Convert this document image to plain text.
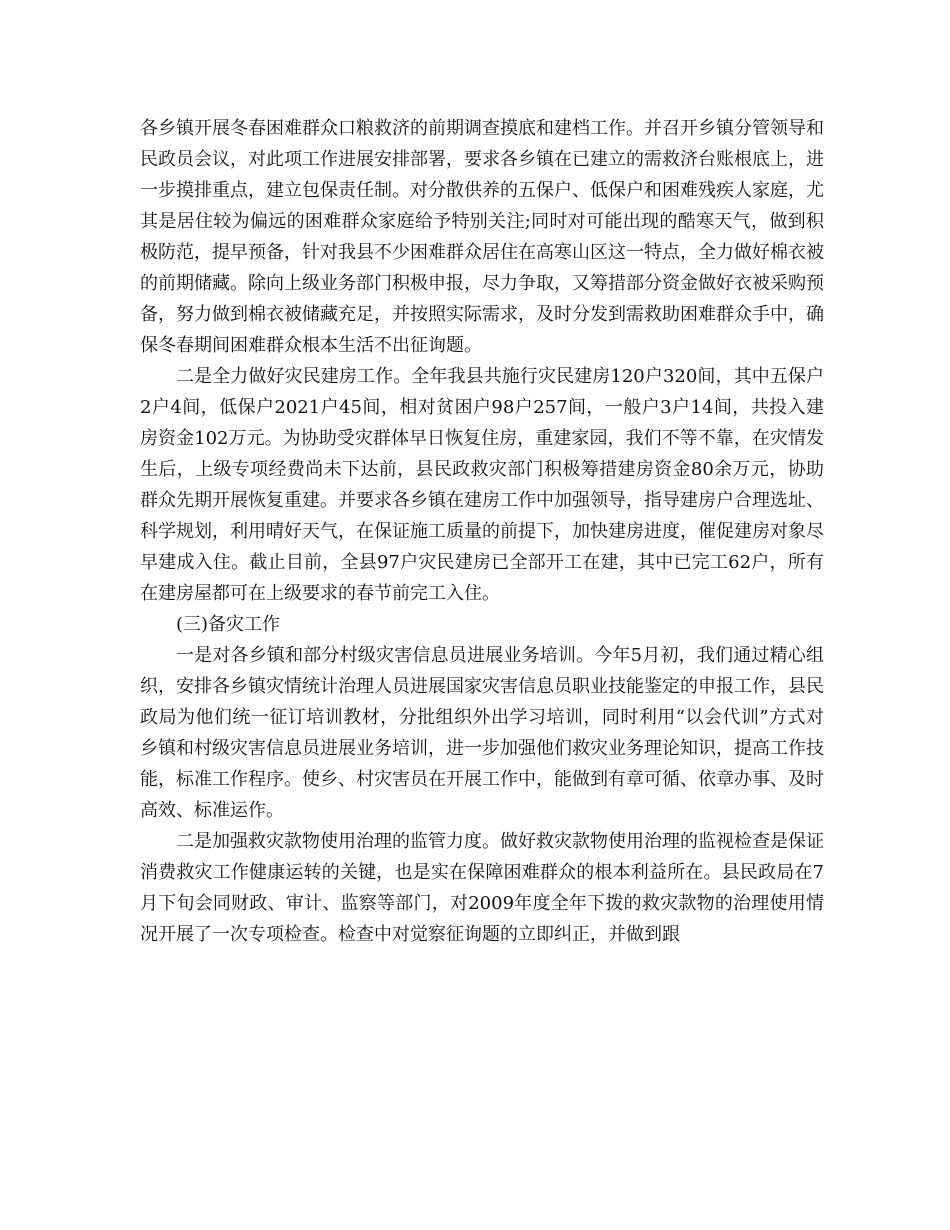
各乡镇开展冬春困难群众口粮救济的前期调查摸底和建档工作。并召开乡镇分管领导和民政员会议，对此项工作进展安排部署，要求各乡镇在已建立的需救济台账根底上，进一步摸排重点，建立包保责任制。对分散供养的五保户、低保户和困难残疾人家庭，尤其是居住较为偏远的困难群众家庭给予特别关注;同时对可能出现的酷寒天气，做到积极防范，提早预备，针对我县不少困难群众居住在高寒山区这一特点，全力做好棉衣被的前期储藏。除向上级业务部门积极申报，尽力争取，又筹措部分资金做好衣被采购预备，努力做到棉衣被储藏充足，并按照实际需求，及时分发到需救助困难群众手中，确保冬春期间困难群众根本生活不出征询题。

二是全力做好灾民建房工作。全年我县共施行灾民建房120户320间，其中五保户2户4间，低保户2021户45间，相对贫困户98户257间，一般户3户14间，共投入建房资金102万元。为协助受灾群体早日恢复住房，重建家园，我们不等不靠，在灾情发生后，上级专项经费尚未下达前，县民政救灾部门积极筹措建房资金80余万元，协助群众先期开展恢复重建。并要求各乡镇在建房工作中加强领导，指导建房户合理选址、科学规划，利用晴好天气，在保证施工质量的前提下，加快建房进度，催促建房对象尽早建成入住。截止目前，全县97户灾民建房已全部开工在建，其中已完工62户，所有在建房屋都可在上级要求的春节前完工入住。

(三)备灾工作

一是对各乡镇和部分村级灾害信息员进展业务培训。今年5月初，我们通过精心组织，安排各乡镇灾情统计治理人员进展国家灾害信息员职业技能鉴定的申报工作，县民政局为他们统一征订培训教材，分批组织外出学习培训，同时利用“以会代训”方式对乡镇和村级灾害信息员进展业务培训，进一步加强他们救灾业务理论知识，提高工作技能，标准工作程序。使乡、村灾害员在开展工作中，能做到有章可循、依章办事、及时高效、标准运作。

二是加强救灾款物使用治理的监管力度。做好救灾款物使用治理的监视检查是保证消费救灾工作健康运转的关键，也是实在保障困难群众的根本利益所在。县民政局在7月下旬会同财政、审计、监察等部门，对2009年度全年下拨的救灾款物的治理使用情况开展了一次专项检查。检查中对觉察征询题的立即纠正，并做到跟
